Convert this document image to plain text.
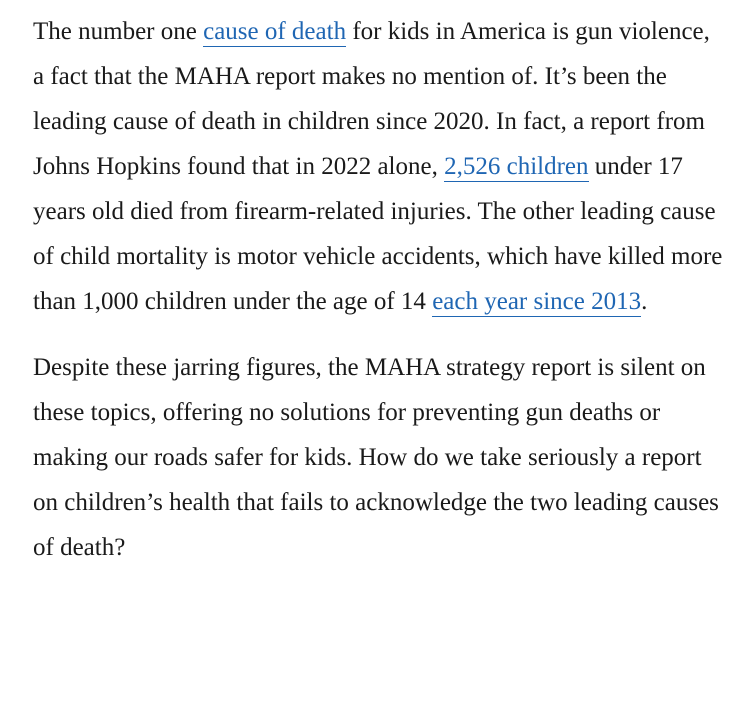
The number one cause of death for kids in America is gun violence, a fact that the MAHA report makes no mention of. It’s been the leading cause of death in children since 2020. In fact, a report from Johns Hopkins found that in 2022 alone, 2,526 children under 17 years old died from firearm-related injuries. The other leading cause of child mortality is motor vehicle accidents, which have killed more than 1,000 children under the age of 14 each year since 2013.

Despite these jarring figures, the MAHA strategy report is silent on these topics, offering no solutions for preventing gun deaths or making our roads safer for kids. How do we take seriously a report on children’s health that fails to acknowledge the two leading causes of death?
